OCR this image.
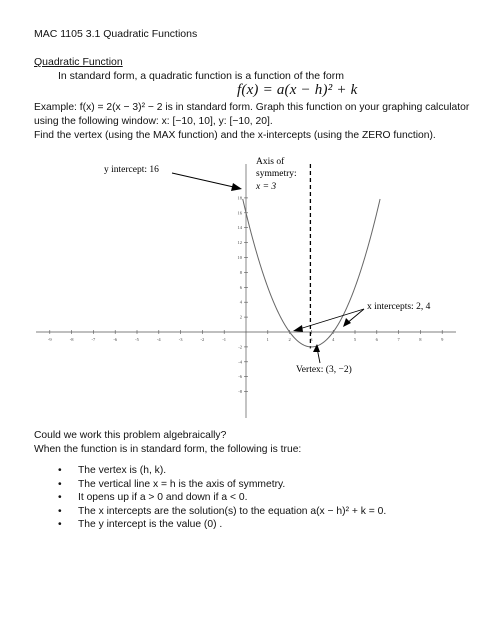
MAC 1105 3.1 Quadratic Functions
Quadratic Function
In standard form, a quadratic function is a function of the form
f(x) = a(x − h)² + k
Example: f(x) = 2(x − 3)² − 2 is in standard form. Graph this function on your graphing calculator
using the following window: x: [−10, 10], y: [−10, 20].
Find the vertex (using the MAX function) and the x-intercepts (using the ZERO function).
-9	-8	-7	-6	-5	-4	-3	-2	-1	1	2	3	4	5	6	7	8	9
-8
-6
-4
-2
2
4
6
8
10
12
14
16
18
y intercept: 16
Axis of
symmetry:
x = 3
x intercepts: 2, 4
Vertex: (3, −2)
Could we work this problem algebraically?
When the function is in standard form, the following is true:
• The vertex is (h, k).
• The vertical line x = h is the axis of symmetry.
• It opens up if a > 0 and down if a < 0.
• The x intercepts are the solution(s) to the equation a(x − h)² + k = 0.
• The y intercept is the value (0) .
